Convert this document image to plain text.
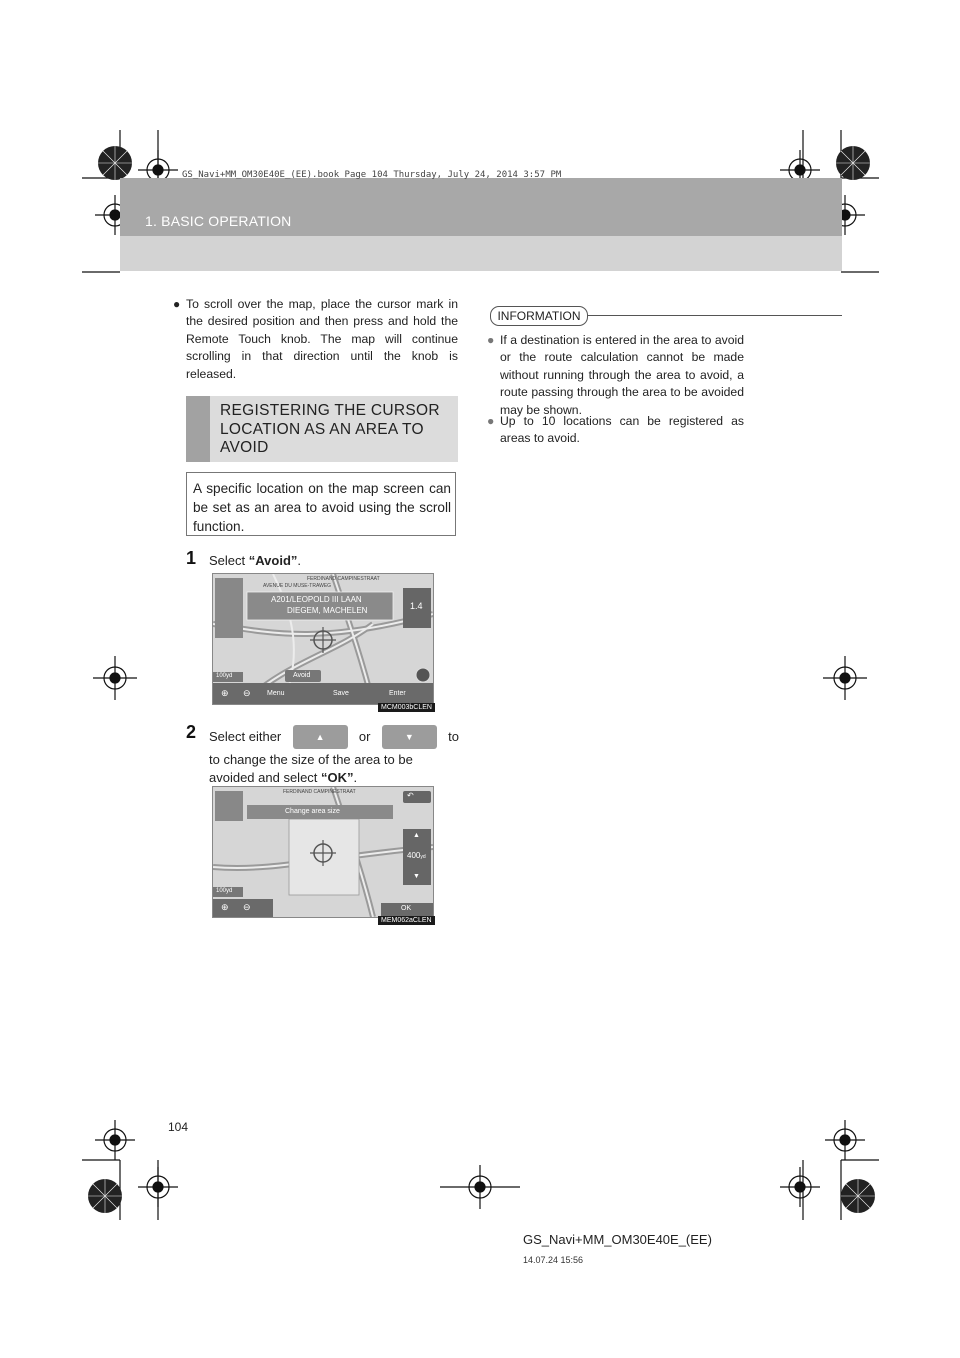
GS_Navi+MM_OM30E40E_(EE).book Page 104 Thursday, July 24, 2014 3:57 PM
1. BASIC OPERATION
● To scroll over the map, place the cursor mark in the desired position and then press and hold the Remote Touch knob. The map will continue scrolling in that direction until the knob is released.
REGISTERING THE CURSOR LOCATION AS AN AREA TO AVOID
A specific location on the map screen can be set as an area to avoid using the scroll function.
1 Select “Avoid”.
FERDINAND CAMPINESTRAAT
AVENUE DU MUSE-TRAWEG
A201/LEOPOLD III LAAN
DIEGEM, MACHELEN	1.4
100yd	Avoid
⊕ ⊖ Menu	Save	Enter
MCM003bCLEN
2 Select either	▲	or	▼	to
to change the size of the area to be avoided and select “OK”.
FERDINAND CAMPINESTRAAT
Change area size
↶
▲
400yd
▼
100yd
⊕ ⊖	OK
MEM062aCLEN
INFORMATION
● If a destination is entered in the area to avoid or the route calculation cannot be made without running through the area to avoid, a route passing through the area to be avoided may be shown.
● Up to 10 locations can be registered as areas to avoid.
104
GS_Navi+MM_OM30E40E_(EE)
14.07.24 15:56
